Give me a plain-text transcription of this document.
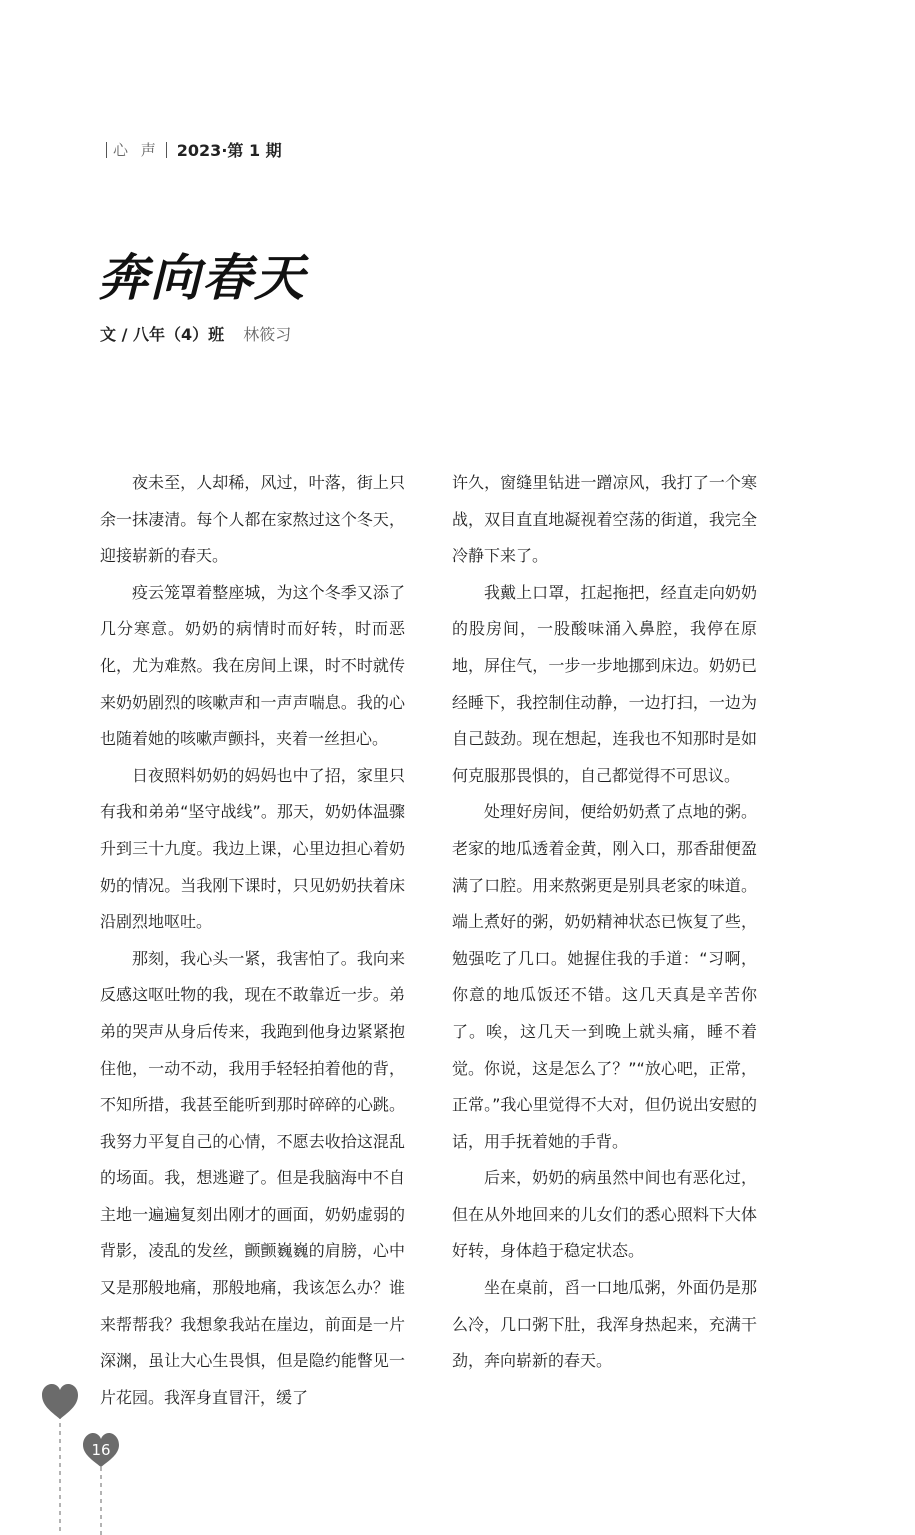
心 声 2023·第 1 期
奔向春天
文 / 八年（4）班 林筱习

夜未至，人却稀，风过，叶落，街上只余一抹凄清。每个人都在家熬过这个冬天，迎接崭新的春天。

疫云笼罩着整座城，为这个冬季又添了几分寒意。奶奶的病情时而好转，时而恶化，尤为难熬。我在房间上课，时不时就传来奶奶剧烈的咳嗽声和一声声喘息。我的心也随着她的咳嗽声颤抖，夹着一丝担心。

日夜照料奶奶的妈妈也中了招，家里只有我和弟弟“坚守战线”。那天，奶奶体温骤升到三十九度。我边上课，心里边担心着奶奶的情况。当我刚下课时，只见奶奶扶着床沿剧烈地呕吐。

那刻，我心头一紧，我害怕了。我向来反感这呕吐物的我，现在不敢靠近一步。弟弟的哭声从身后传来，我跑到他身边紧紧抱住他，一动不动，我用手轻轻拍着他的背，不知所措，我甚至能听到那时碎碎的心跳。我努力平复自己的心情，不愿去收拾这混乱的场面。我，想逃避了。但是我脑海中不自主地一遍遍复刻出刚才的画面，奶奶虚弱的背影，凌乱的发丝，颤颤巍巍的肩膀，心中又是那般地痛，那般地痛，我该怎么办？谁来帮帮我？我想象我站在崖边，前面是一片深渊，虽让大心生畏惧，但是隐约能瞥见一片花园。我浑身直冒汗，缓了

许久，窗缝里钻进一蹭凉风，我打了一个寒战，双目直直地凝视着空荡的街道，我完全冷静下来了。

我戴上口罩，扛起拖把，经直走向奶奶的股房间，一股酸味涌入鼻腔，我停在原地，屏住气，一步一步地挪到床边。奶奶已经睡下，我控制住动静，一边打扫，一边为自己鼓劲。现在想起，连我也不知那时是如何克服那畏惧的，自己都觉得不可思议。

处理好房间，便给奶奶煮了点地的粥。老家的地瓜透着金黄，刚入口，那香甜便盈满了口腔。用来熬粥更是别具老家的味道。端上煮好的粥，奶奶精神状态已恢复了些，勉强吃了几口。她握住我的手道：“习啊，你意的地瓜饭还不错。这几天真是辛苦你了。唉，这几天一到晚上就头痛，睡不着觉。你说，这是怎么了？”“放心吧，正常，正常。”我心里觉得不大对，但仍说出安慰的话，用手抚着她的手背。

后来，奶奶的病虽然中间也有恶化过，但在从外地回来的儿女们的悉心照料下大体好转，身体趋于稳定状态。

坐在桌前，舀一口地瓜粥，外面仍是那么冷，几口粥下肚，我浑身热起来，充满干劲，奔向崭新的春天。

16
